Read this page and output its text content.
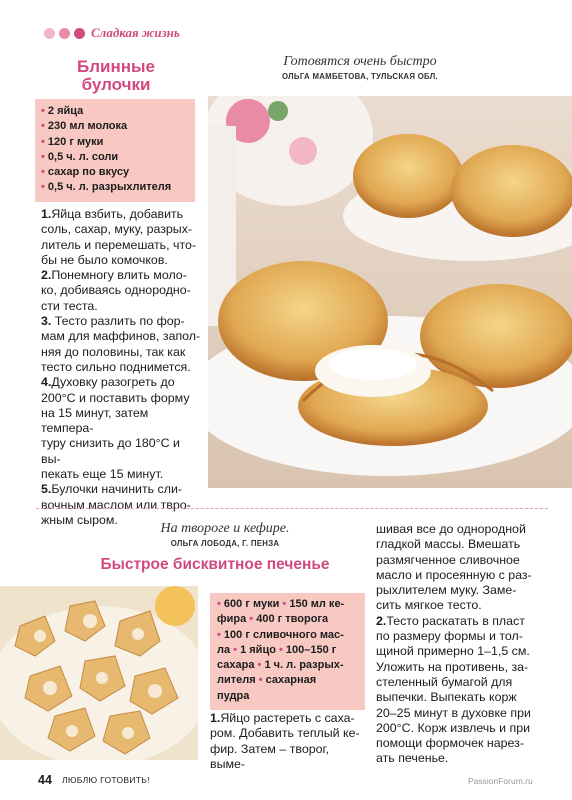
Сладкая жизнь
Блинные
булочки
• 2 яйца
• 230 мл молока
• 120 г муки
• 0,5 ч. л. соли
• сахар по вкусу
• 0,5 ч. л. разрыхлителя
1.Яйца взбить, добавить
соль, сахар, муку, разрых-
литель и перемешать, что-
бы не было комочков.
2.Понемногу влить моло-
ко, добиваясь однородно-
сти теста.
3. Тесто разлить по фор-
мам для маффинов, запол-
няя до половины, так как
тесто сильно поднимется.
4.Духовку разогреть до
200°С и поставить форму
на 15 минут, затем темпера-
туру снизить до 180°С и вы-
пекать еще 15 минут.
5.Булочки начинить сли-
вочным маслом или твро-
жным сыром.
Готовятся очень быстро
ОЛЬГА МАМБЕТОВА, ТУЛЬСКАЯ ОБЛ.
На твороге и кефире.
ОЛЬГА ЛОБОДА, Г. ПЕНЗА
Быстрое бисквитное печенье
• 600 г муки • 150 мл ке-
фира • 400 г творога
• 100 г сливочного мас-
ла • 1 яйцо • 100–150 г
сахара • 1 ч. л. разрых-
лителя • сахарная
пудра
1.Яйцо растереть с саха-
ром. Добавить теплый ке-
фир. Затем – творог, выме-
шивая все до однородной
гладкой массы. Вмешать
размягченное сливочное
масло и просеянную с раз-
рыхлителем муку. Заме-
сить мягкое тесто.
2.Тесто раскатать в пласт
по размеру формы и тол-
щиной примерно 1–1,5 см.
Уложить на противень, за-
стеленный бумагой для
выпечки. Выпекать корж
20–25 минут в духовке при
200°С. Корж извлечь и при
помощи формочек нарез-
ать печенье.
44 ЛЮБЛЮ ГОТОВИТЬ!	PassionForum.ru
